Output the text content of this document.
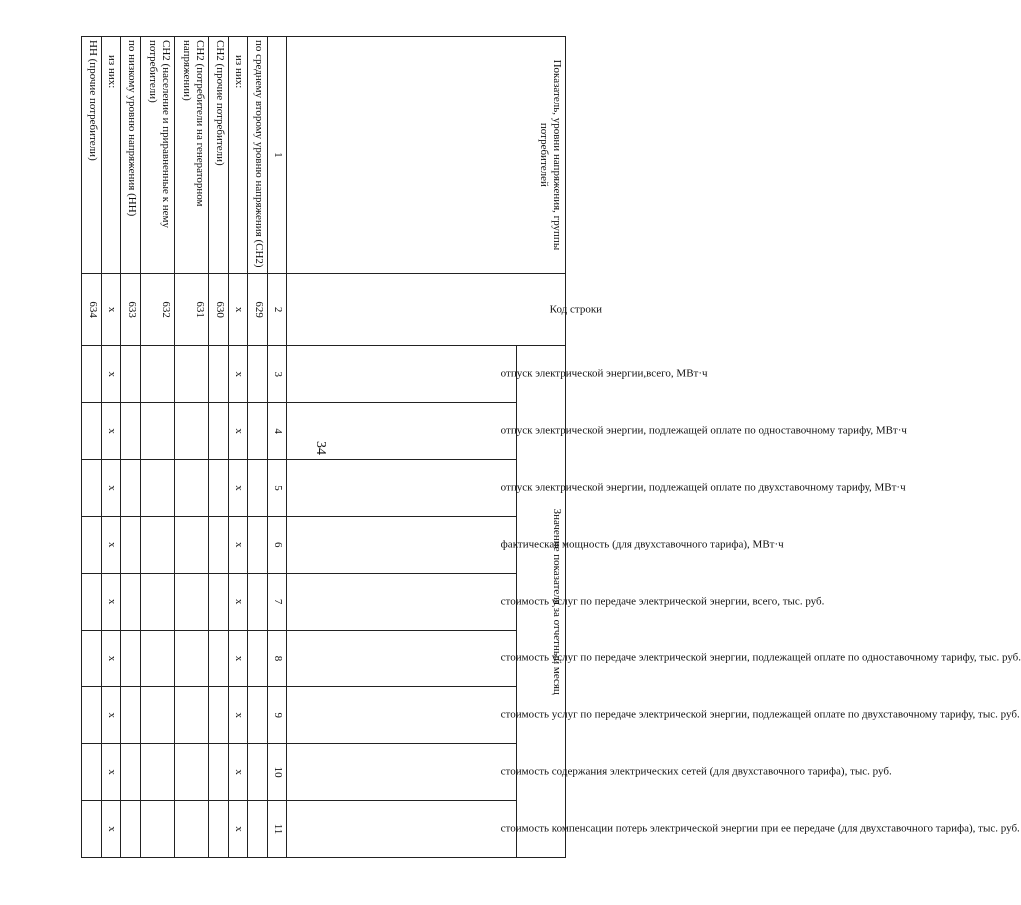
34
Показатель, уровни напряжения, группы потребителей	Код строки	Значение показателя за отчетный месяц								

		отпуск электрической энергии,всего, МВт·ч	отпуск электрической энергии, подлежащей оплате по одноставочному тарифу, МВт·ч	отпуск электрической энергии, подлежащей оплате по двухставочному тарифу, МВт·ч	фактическая мощность (для двухставочного тарифа), МВт·ч	стоимость услуг по передаче электрической энергии, всего, тыс. руб.	стоимость услуг по передаче электрической энергии, подлежащей оплате по одноставочному тарифу, тыс. руб.	стоимость услуг по передаче электрической энергии, подлежащей оплате по двухставочному тарифу, тыс. руб.	стоимость содержания электрических сетей (для двухставочного тарифа), тыс. руб.	стоимость компенсации потерь электрической энергии при ее передаче (для двухставочного тарифа), тыс. руб.

1	2	3	4	5	6	7	8	9	10	11
по среднему второму уровню напряжения (СН2)	629									
из них:	x	x	x	x	x	x	x	x	x	x
СН2 (прочие потребители)	630									
СН2 (потребители на генераторном напряжении)	631									
СН2 (население и приравненные к нему потребители)	632									
по низкому уровню напряжения (НН)	633									
из них:	x	x	x	x	x	x	x	x	x	x
НН (прочие потребители)	634									
